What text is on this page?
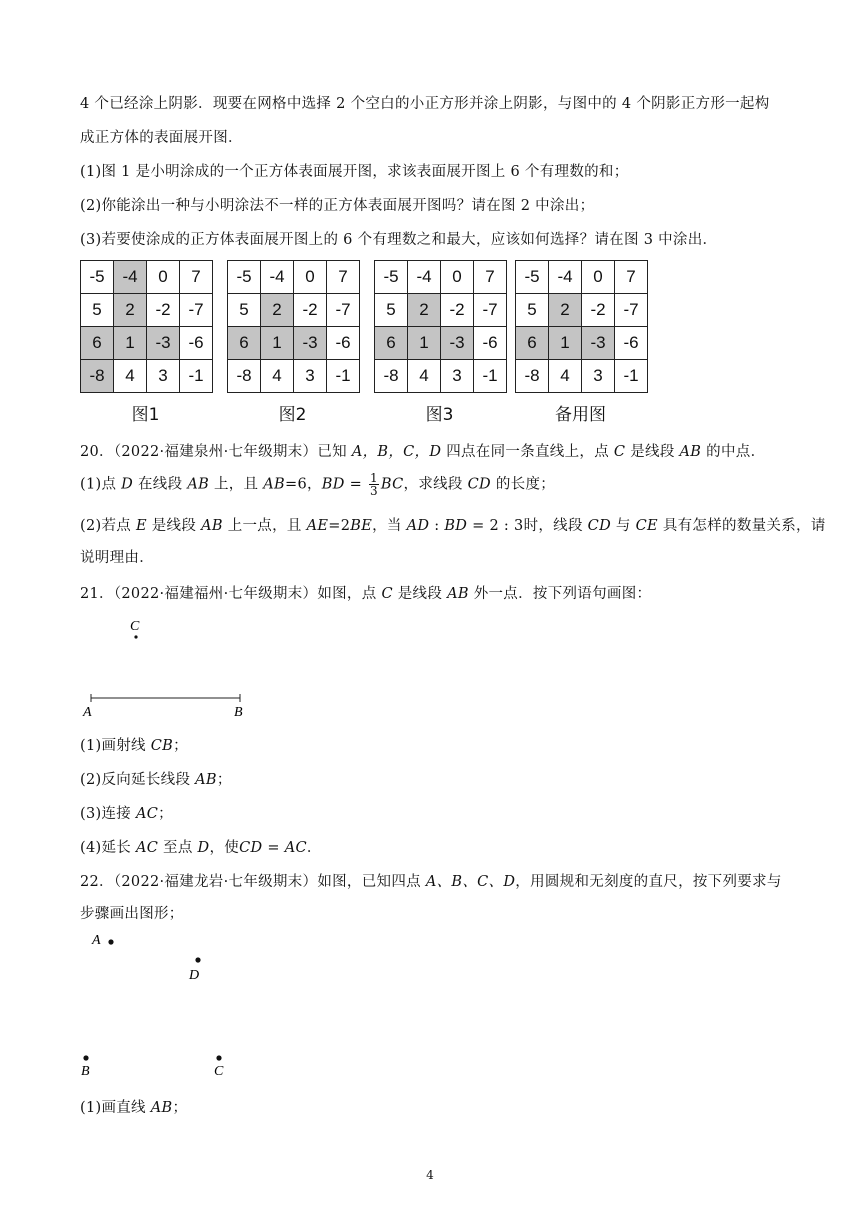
4 个已经涂上阴影．现要在网格中选择 2 个空白的小正方形并涂上阴影，与图中的 4 个阴影正方形一起构
成正方体的表面展开图．
(1)图 1 是小明涂成的一个正方体表面展开图，求该表面展开图上 6 个有理数的和；
(2)你能涂出一种与小明涂法不一样的正方体表面展开图吗？请在图 2 中涂出；
(3)若要使涂成的正方体表面展开图上的 6 个有理数之和最大，应该如何选择？请在图 3 中涂出．
-5	-4	0	7
5	2	-2	-7
6	1	-3	-6
-8	4	3	-1
图1
-5	-4	0	7
5	2	-2	-7
6	1	-3	-6
-8	4	3	-1
图2
-5	-4	0	7
5	2	-2	-7
6	1	-3	-6
-8	4	3	-1
图3
-5	-4	0	7
5	2	-2	-7
6	1	-3	-6
-8	4	3	-1
备用图
20．（2022·福建泉州·七年级期末）已知 A，B，C，D 四点在同一条直线上，点 C 是线段 AB 的中点．
(1)点 D 在线段 AB 上，且 AB=6，BD = $\frac{1}{3}$ BC，求线段 CD 的长度；
(2)若点 E 是线段 AB 上一点，且 AE=2BE，当 AD : BD = 2 : 3时，线段 CD 与 CE 具有怎样的数量关系，请
说明理由．
21．（2022·福建福州·七年级期末）如图，点 C 是线段 AB 外一点．按下列语句画图：
C
A	B
(1)画射线 CB；
(2)反向延长线段 AB；
(3)连接 AC；
(4)延长 AC 至点 D，使CD = AC．
22．（2022·福建龙岩·七年级期末）如图，已知四点 A、B、C、D，用圆规和无刻度的直尺，按下列要求与
步骤画出图形；
A
D
B	C
(1)画直线 AB；
4
